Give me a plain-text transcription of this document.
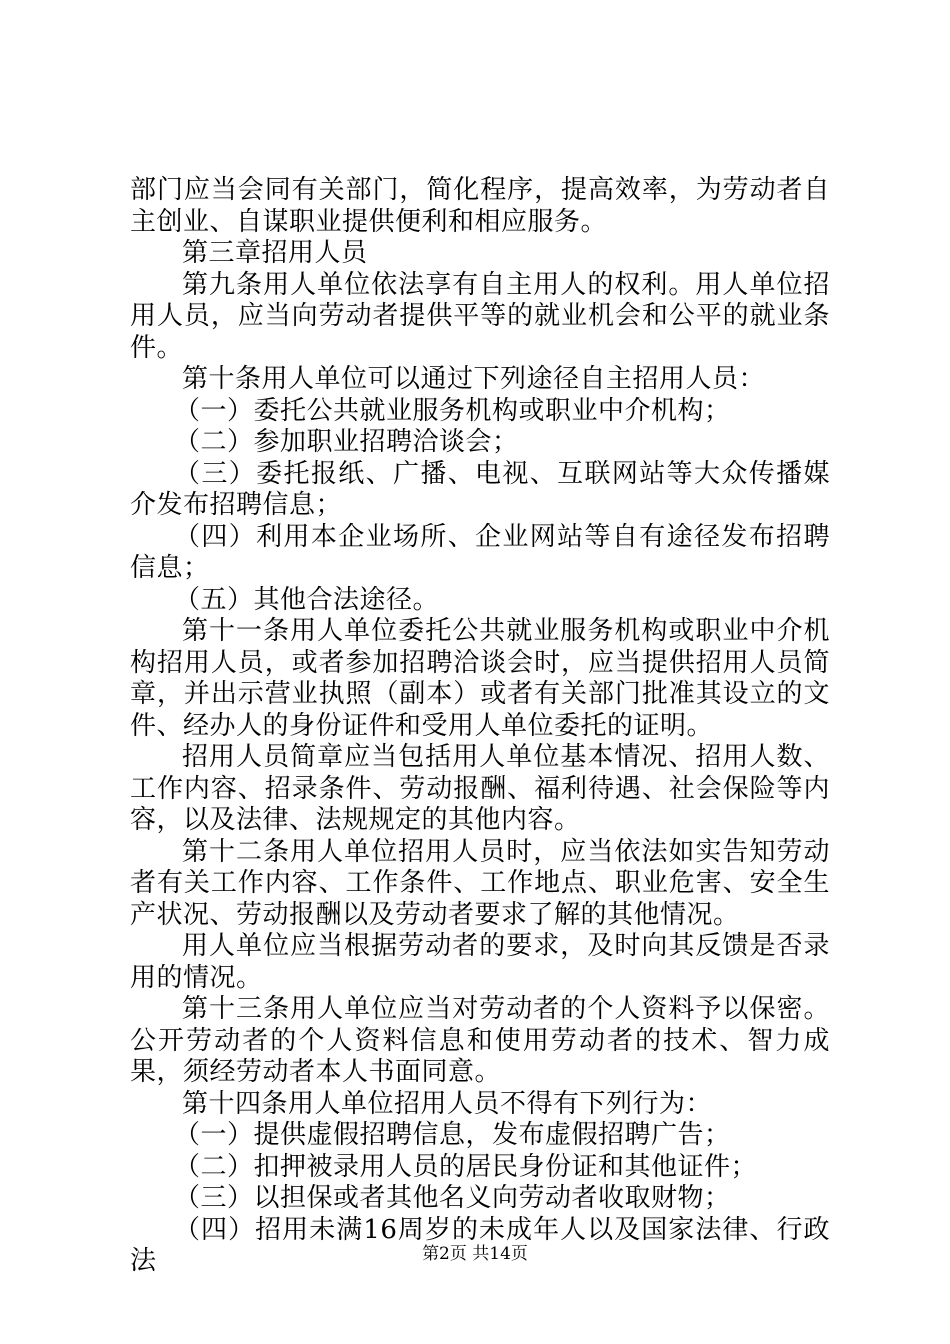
部门应当会同有关部门，简化程序，提高效率，为劳动者自主创业、自谋职业提供便利和相应服务。

第三章招用人员

第九条用人单位依法享有自主用人的权利。用人单位招用人员，应当向劳动者提供平等的就业机会和公平的就业条件。

第十条用人单位可以通过下列途径自主招用人员：

（一）委托公共就业服务机构或职业中介机构；

（二）参加职业招聘洽谈会；

（三）委托报纸、广播、电视、互联网站等大众传播媒介发布招聘信息；

（四）利用本企业场所、企业网站等自有途径发布招聘信息；

（五）其他合法途径。

第十一条用人单位委托公共就业服务机构或职业中介机构招用人员，或者参加招聘洽谈会时，应当提供招用人员简章，并出示营业执照（副本）或者有关部门批准其设立的文件、经办人的身份证件和受用人单位委托的证明。

招用人员简章应当包括用人单位基本情况、招用人数、工作内容、招录条件、劳动报酬、福利待遇、社会保险等内容，以及法律、法规规定的其他内容。

第十二条用人单位招用人员时，应当依法如实告知劳动者有关工作内容、工作条件、工作地点、职业危害、安全生产状况、劳动报酬以及劳动者要求了解的其他情况。

用人单位应当根据劳动者的要求，及时向其反馈是否录用的情况。

第十三条用人单位应当对劳动者的个人资料予以保密。公开劳动者的个人资料信息和使用劳动者的技术、智力成果，须经劳动者本人书面同意。

第十四条用人单位招用人员不得有下列行为：

（一）提供虚假招聘信息，发布虚假招聘广告；

（二）扣押被录用人员的居民身份证和其他证件；

（三）以担保或者其他名义向劳动者收取财物；

（四）招用未满16周岁的未成年人以及国家法律、行政法	第2页 共14页
